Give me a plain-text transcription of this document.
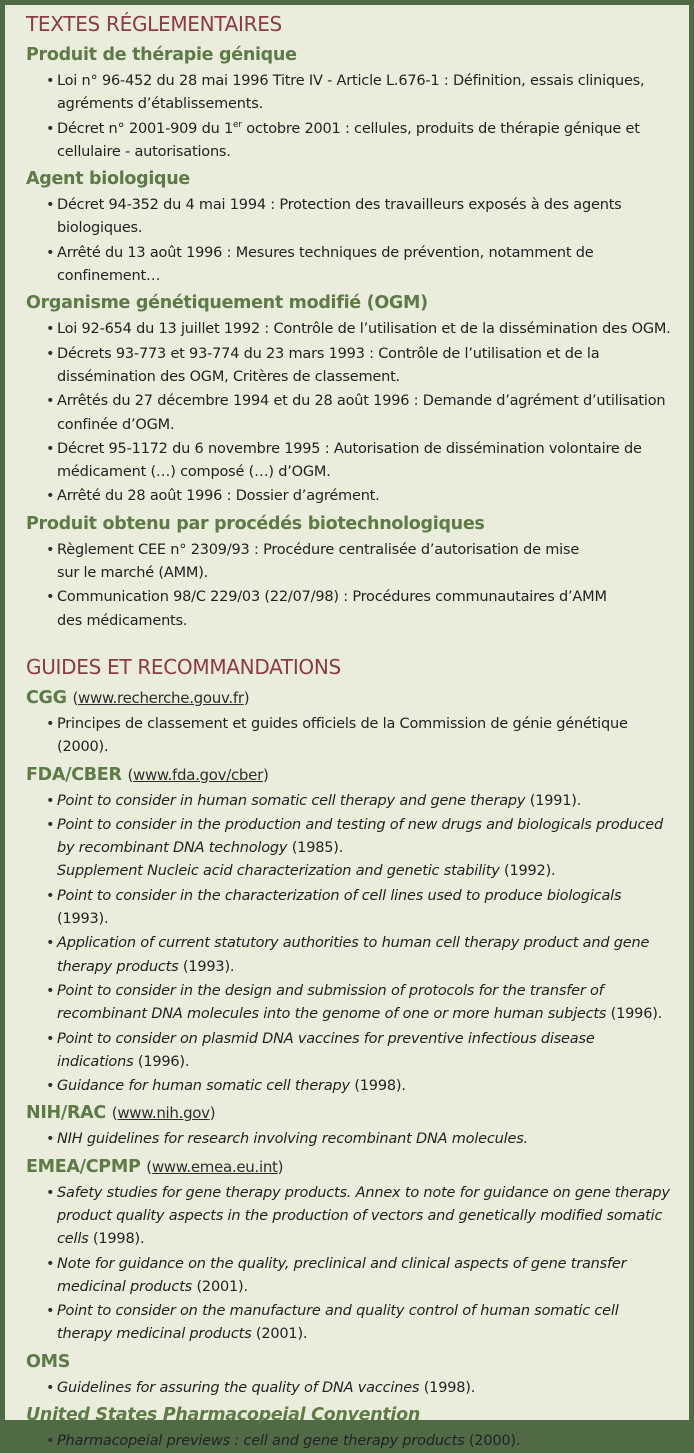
TEXTES RÉGLEMENTAIRES
Produit de thérapie génique
• Loi n° 96-452 du 28 mai 1996 Titre IV - Article L.676-1 : Définition, essais cliniques, agréments d’établissements.
• Décret n° 2001-909 du 1er octobre 2001 : cellules, produits de thérapie génique et cellulaire - autorisations.
Agent biologique
• Décret 94-352 du 4 mai 1994 : Protection des travailleurs exposés à des agents biologiques.
• Arrêté du 13 août 1996 : Mesures techniques de prévention, notamment de confinement…
Organisme génétiquement modifié (OGM)
• Loi 92-654 du 13 juillet 1992 : Contrôle de l’utilisation et de la dissémination des OGM.
• Décrets 93-773 et 93-774 du 23 mars 1993 : Contrôle de l’utilisation et de la dissémination des OGM, Critères de classement.
• Arrêtés du 27 décembre 1994 et du 28 août 1996 : Demande d’agrément d’utilisation confinée d’OGM.
• Décret 95-1172 du 6 novembre 1995 : Autorisation de dissémination volontaire de médicament (…) composé (…) d’OGM.
• Arrêté du 28 août 1996 : Dossier d’agrément.
Produit obtenu par procédés biotechnologiques
• Règlement CEE n° 2309/93 : Procédure centralisée d’autorisation de mise sur le marché (AMM).
• Communication 98/C 229/03 (22/07/98) : Procédures communautaires d’AMM des médicaments.
GUIDES ET RECOMMANDATIONS
CGG (www.recherche.gouv.fr)
• Principes de classement et guides officiels de la Commission de génie génétique (2000).
FDA/CBER (www.fda.gov/cber)
• Point to consider in human somatic cell therapy and gene therapy (1991).
• Point to consider in the production and testing of new drugs and biologicals produced by recombinant DNA technology (1985).
Supplement Nucleic acid characterization and genetic stability (1992).
• Point to consider in the characterization of cell lines used to produce biologicals (1993).
• Application of current statutory authorities to human cell therapy product and gene therapy products (1993).
• Point to consider in the design and submission of protocols for the transfer of recombinant DNA molecules into the genome of one or more human subjects (1996).
• Point to consider on plasmid DNA vaccines for preventive infectious disease indications (1996).
• Guidance for human somatic cell therapy (1998).
NIH/RAC (www.nih.gov)
• NIH guidelines for research involving recombinant DNA molecules.
EMEA/CPMP (www.emea.eu.int)
• Safety studies for gene therapy products. Annex to note for guidance on gene therapy product quality aspects in the production of vectors and genetically modified somatic cells (1998).
• Note for guidance on the quality, preclinical and clinical aspects of gene transfer medicinal products (2001).
• Point to consider on the manufacture and quality control of human somatic cell therapy medicinal products (2001).
OMS
• Guidelines for assuring the quality of DNA vaccines (1998).
United States Pharmacopeial Convention
• Pharmacopeial previews : cell and gene therapy products (2000).
